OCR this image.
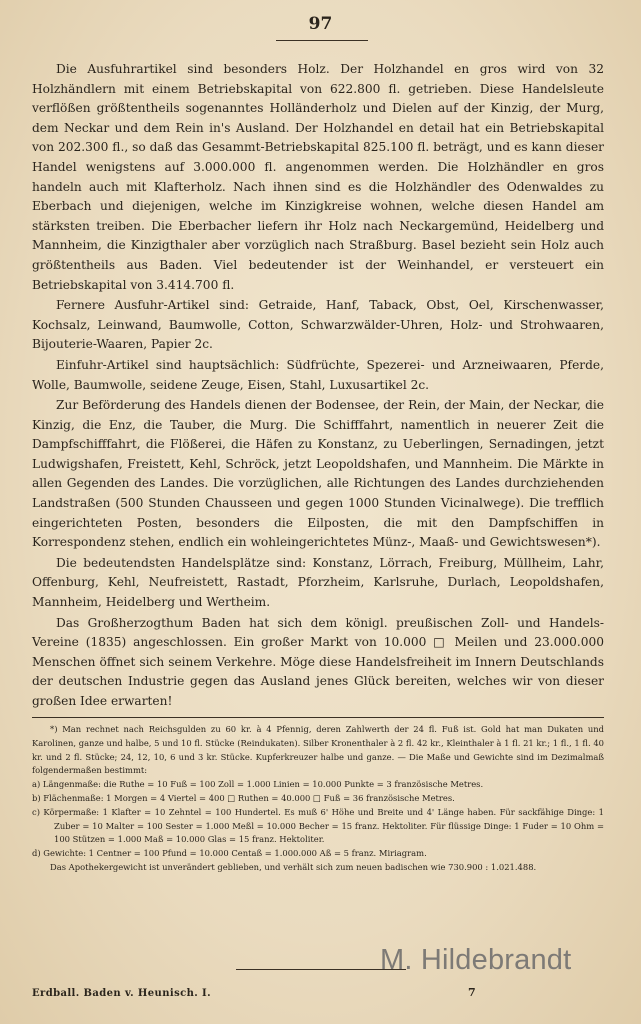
97

Die Ausfuhrartikel sind besonders Holz. Der Holzhandel en gros wird von 32 Holzhändlern mit einem Betriebskapital von 622.800 fl. getrieben. Diese Handelsleute verflößen größtentheils sogenanntes Holländerholz und Dielen auf der Kinzig, der Murg, dem Neckar und dem Rein in's Ausland. Der Holzhandel en detail hat ein Betriebskapital von 202.300 fl., so daß das Gesammt-Betriebskapital 825.100 fl. beträgt, und es kann dieser Handel wenigstens auf 3.000.000 fl. angenommen werden. Die Holzhändler en gros handeln auch mit Klafterholz. Nach ihnen sind es die Holzhändler des Odenwaldes zu Eberbach und diejenigen, welche im Kinzigkreise wohnen, welche diesen Handel am stärksten treiben. Die Eberbacher liefern ihr Holz nach Neckargemünd, Heidelberg und Mannheim, die Kinzigthaler aber vorzüglich nach Straßburg. Basel bezieht sein Holz auch größtentheils aus Baden. Viel bedeutender ist der Weinhandel, er versteuert ein Betriebskapital von 3.414.700 fl.

Fernere Ausfuhr-Artikel sind: Getraide, Hanf, Taback, Obst, Oel, Kirschenwasser, Kochsalz, Leinwand, Baumwolle, Cotton, Schwarzwälder-Uhren, Holz- und Strohwaaren, Bijouterie-Waaren, Papier 2c.

Einfuhr-Artikel sind hauptsächlich: Südfrüchte, Spezerei- und Arzneiwaaren, Pferde, Wolle, Baumwolle, seidene Zeuge, Eisen, Stahl, Luxusartikel 2c.

Zur Beförderung des Handels dienen der Bodensee, der Rein, der Main, der Neckar, die Kinzig, die Enz, die Tauber, die Murg. Die Schifffahrt, namentlich in neuerer Zeit die Dampfschifffahrt, die Flößerei, die Häfen zu Konstanz, zu Ueberlingen, Sernadingen, jetzt Ludwigshafen, Freistett, Kehl, Schröck, jetzt Leopoldshafen, und Mannheim. Die Märkte in allen Gegenden des Landes. Die vorzüglichen, alle Richtungen des Landes durchziehenden Landstraßen (500 Stunden Chausseen und gegen 1000 Stunden Vicinalwege). Die trefflich eingerichteten Posten, besonders die Eilposten, die mit den Dampfschiffen in Korrespondenz stehen, endlich ein wohleingerichtetes Münz-, Maaß- und Gewichtswesen*).

Die bedeutendsten Handelsplätze sind: Konstanz, Lörrach, Freiburg, Müllheim, Lahr, Offenburg, Kehl, Neufreistett, Rastadt, Pforzheim, Karlsruhe, Durlach, Leopoldshafen, Mannheim, Heidelberg und Wertheim.

Das Großherzogthum Baden hat sich dem königl. preußischen Zoll- und Handels-Vereine (1835) angeschlossen. Ein großer Markt von 10.000 □ Meilen und 23.000.000 Menschen öffnet sich seinem Verkehre. Möge diese Handelsfreiheit im Innern Deutschlands der deutschen Industrie gegen das Ausland jenes Glück bereiten, welches wir von dieser großen Idee erwarten!

*) Man rechnet nach Reichsgulden zu 60 kr. à 4 Pfennig, deren Zahlwerth der 24 fl. Fuß ist. Gold hat man Dukaten und Karolinen, ganze und halbe, 5 und 10 fl. Stücke (Reindukaten). Silber Kronenthaler à 2 fl. 42 kr., Kleinthaler à 1 fl. 21 kr.; 1 fl., 1 fl. 40 kr. und 2 fl. Stücke; 24, 12, 10, 6 und 3 kr. Stücke. Kupferkreuzer halbe und ganze. — Die Maße und Gewichte sind im Dezimalmaß folgendermaßen bestimmt:

a) Längenmaße: die Ruthe = 10 Fuß = 100 Zoll = 1.000 Linien = 10.000 Punkte = 3 französische Metres.

b) Flächenmaße: 1 Morgen = 4 Viertel = 400 □ Ruthen = 40.000 □ Fuß = 36 französische Metres.

c) Körpermaße: 1 Klafter = 10 Zehntel = 100 Hundertel. Es muß 6' Höhe und Breite und 4' Länge haben. Für sackfähige Dinge: 1 Zuber = 10 Malter = 100 Sester = 1.000 Meßl = 10.000 Becher = 15 franz. Hektoliter. Für flüssige Dinge: 1 Fuder = 10 Ohm = 100 Stützen = 1.000 Maß = 10.000 Glas = 15 franz. Hektoliter.

d) Gewichte: 1 Centner = 100 Pfund = 10.000 Centaß = 1.000.000 Aß = 5 franz. Miriagram.

Das Apothekergewicht ist unverändert geblieben, und verhält sich zum neuen badischen wie 730.900 : 1.021.488.

M. Hildebrandt
Erdball. Baden v. Heunisch. I.	7
